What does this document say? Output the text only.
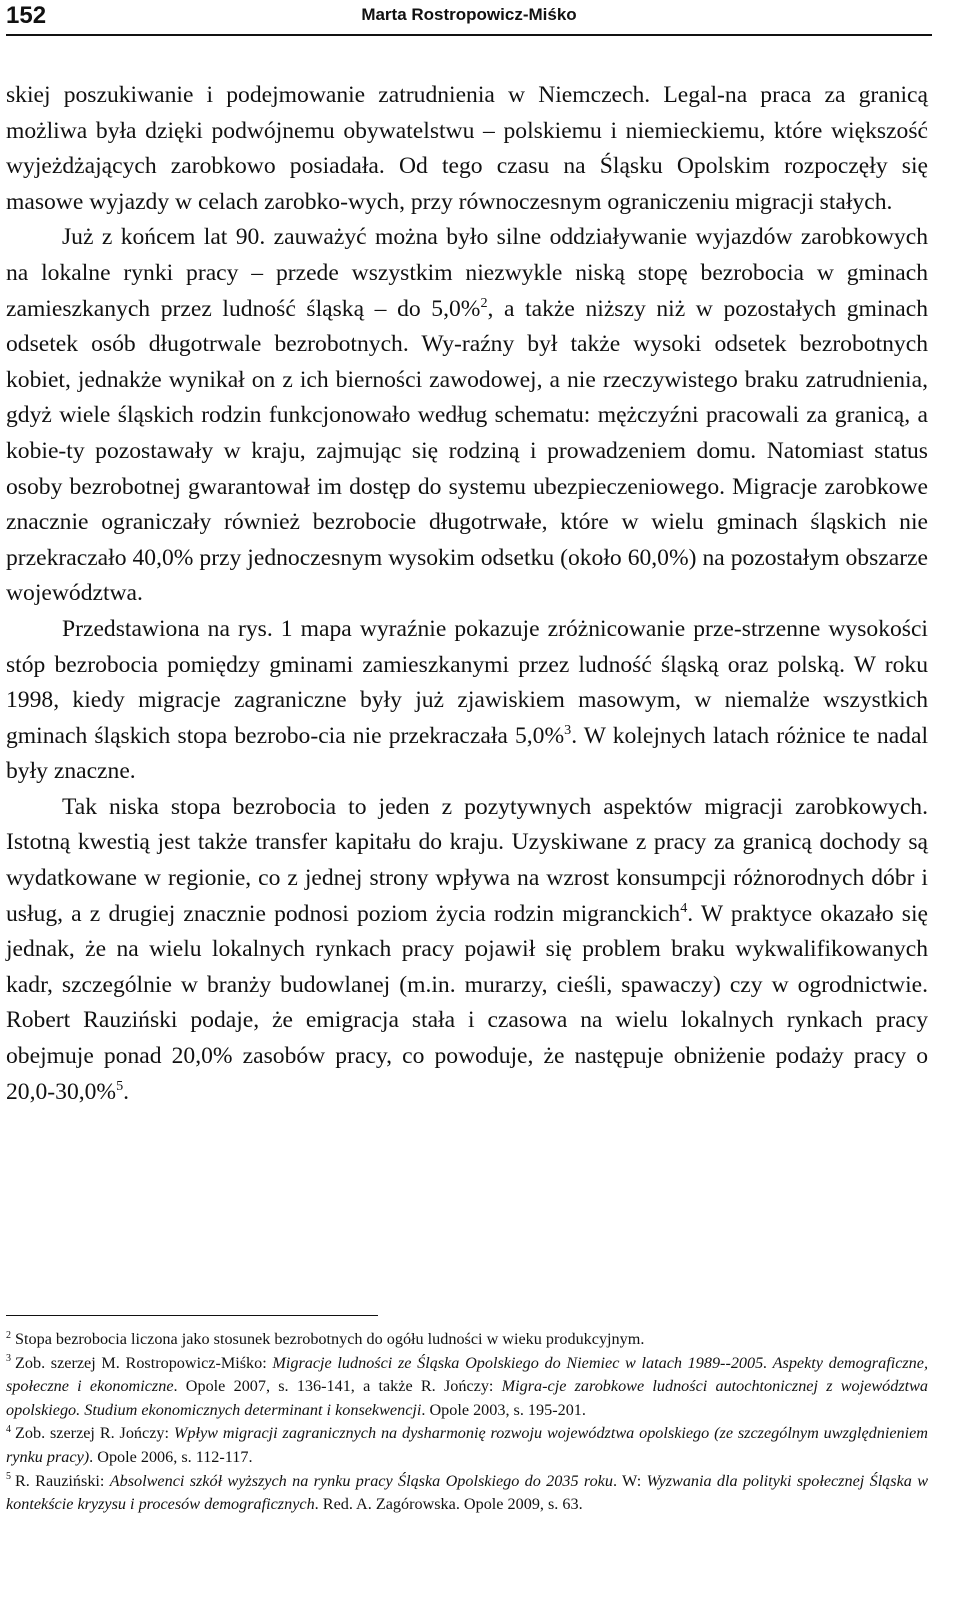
152	Marta Rostropowicz-Miśko

skiej poszukiwanie i podejmowanie zatrudnienia w Niemczech. Legal-na praca za granicą możliwa była dzięki podwójnemu obywatelstwu – polskiemu i niemieckiemu, które większość wyjeżdżających zarobkowo posiadała. Od tego czasu na Śląsku Opolskim rozpoczęły się masowe wyjazdy w celach zarobko-wych, przy równoczesnym ograniczeniu migracji stałych.

Już z końcem lat 90. zauważyć można było silne oddziaływanie wyjazdów zarobkowych na lokalne rynki pracy – przede wszystkim niezwykle niską stopę bezrobocia w gminach zamieszkanych przez ludność śląską – do 5,0%$^2$, a także niższy niż w pozostałych gminach odsetek osób długotrwale bezrobotnych. Wy-raźny był także wysoki odsetek bezrobotnych kobiet, jednakże wynikał on z ich bierności zawodowej, a nie rzeczywistego braku zatrudnienia, gdyż wiele śląskich rodzin funkcjonowało według schematu: mężczyźni pracowali za granicą, a kobie-ty pozostawały w kraju, zajmując się rodziną i prowadzeniem domu. Natomiast status osoby bezrobotnej gwarantował im dostęp do systemu ubezpieczeniowego. Migracje zarobkowe znacznie ograniczały również bezrobocie długotrwałe, które w wielu gminach śląskich nie przekraczało 40,0% przy jednoczesnym wysokim odsetku (około 60,0%) na pozostałym obszarze województwa.

Przedstawiona na rys. 1 mapa wyraźnie pokazuje zróżnicowanie prze-strzenne wysokości stóp bezrobocia pomiędzy gminami zamieszkanymi przez ludność śląską oraz polską. W roku 1998, kiedy migracje zagraniczne były już zjawiskiem masowym, w niemalże wszystkich gminach śląskich stopa bezrobo-cia nie przekraczała 5,0%$^3$. W kolejnych latach różnice te nadal były znaczne.

Tak niska stopa bezrobocia to jeden z pozytywnych aspektów migracji zarobkowych. Istotną kwestią jest także transfer kapitału do kraju. Uzyskiwane z pracy za granicą dochody są wydatkowane w regionie, co z jednej strony wpływa na wzrost konsumpcji różnorodnych dóbr i usług, a z drugiej znacznie podnosi poziom życia rodzin migranckich$^4$. W praktyce okazało się jednak, że na wielu lokalnych rynkach pracy pojawił się problem braku wykwalifikowanych kadr, szczególnie w branży budowlanej (m.in. murarzy, cieśli, spawaczy) czy w ogrodnictwie. Robert Rauziński podaje, że emigracja stała i czasowa na wielu lokalnych rynkach pracy obejmuje ponad 20,0% zasobów pracy, co powoduje, że następuje obniżenie podaży pracy o 20,0-30,0%$^5$.

$^2$ Stopa bezrobocia liczona jako stosunek bezrobotnych do ogółu ludności w wieku produkcyjnym.

$^3$ Zob. szerzej M. Rostropowicz-Miśko: Migracje ludności ze Śląska Opolskiego do Niemiec w latach 1989--2005. Aspekty demograficzne, społeczne i ekonomiczne. Opole 2007, s. 136-141, a także R. Jończy: Migra-cje zarobkowe ludności autochtonicznej z województwa opolskiego. Studium ekonomicznych determinant i konsekwencji. Opole 2003, s. 195-201.

$^4$ Zob. szerzej R. Jończy: Wpływ migracji zagranicznych na dysharmonię rozwoju województwa opolskiego (ze szczególnym uwzględnieniem rynku pracy). Opole 2006, s. 112-117.

$^5$ R. Rauziński: Absolwenci szkół wyższych na rynku pracy Śląska Opolskiego do 2035 roku. W: Wyzwania dla polityki społecznej Śląska w kontekście kryzysu i procesów demograficznych. Red. A. Zagórowska. Opole 2009, s. 63.
